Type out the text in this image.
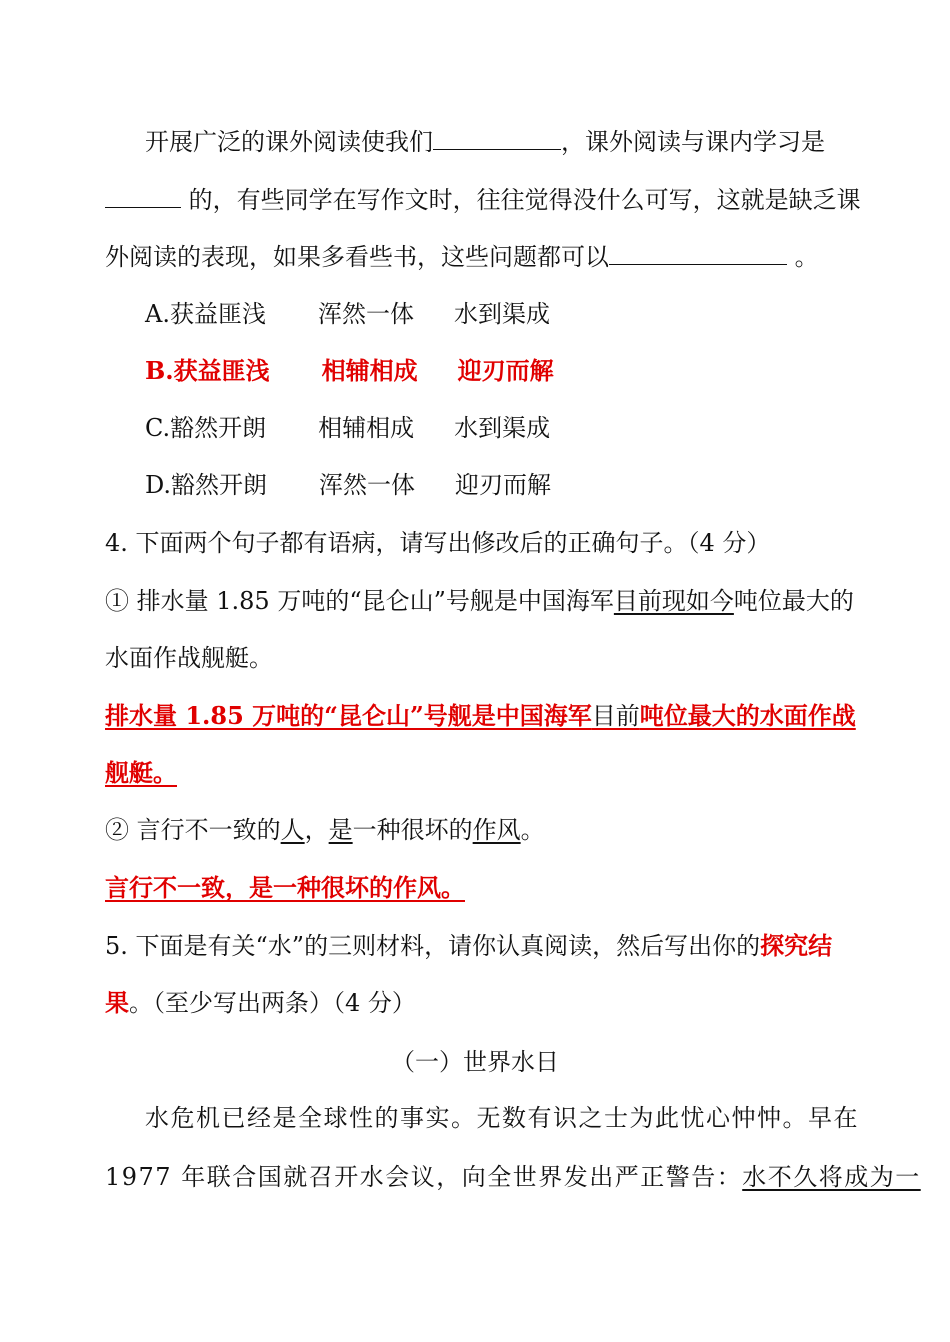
开展广泛的课外阅读使我们	，课外阅读与课内学习是
的，有些同学在写作文时，往往觉得没什么可写，这就是缺乏课
外阅读的表现，如果多看些书，这些问题都可以	。
A.获益匪浅 浑然一体 水到渠成
B.获益匪浅 相辅相成 迎刃而解
C.豁然开朗 相辅相成 水到渠成
D.豁然开朗 浑然一体 迎刃而解
4. 下面两个句子都有语病，请写出修改后的正确句子。（4 分）
① 排水量 1.85 万吨的“昆仑山”号舰是中国海军目前现如今吨位最大的
水面作战舰艇。
排水量 1.85 万吨的“昆仑山”号舰是中国海军目前吨位最大的水面作战
舰艇。
② 言行不一致的人，是一种很坏的作风。
言行不一致，是一种很坏的作风。
5. 下面是有关“水”的三则材料，请你认真阅读，然后写出你的探究结
果。（至少写出两条）（4 分）
（一）世界水日
水危机已经是全球性的事实。无数有识之士为此忧心忡忡。早在
1977 年联合国就召开水会议，向全世界发出严正警告：水不久将成为一
